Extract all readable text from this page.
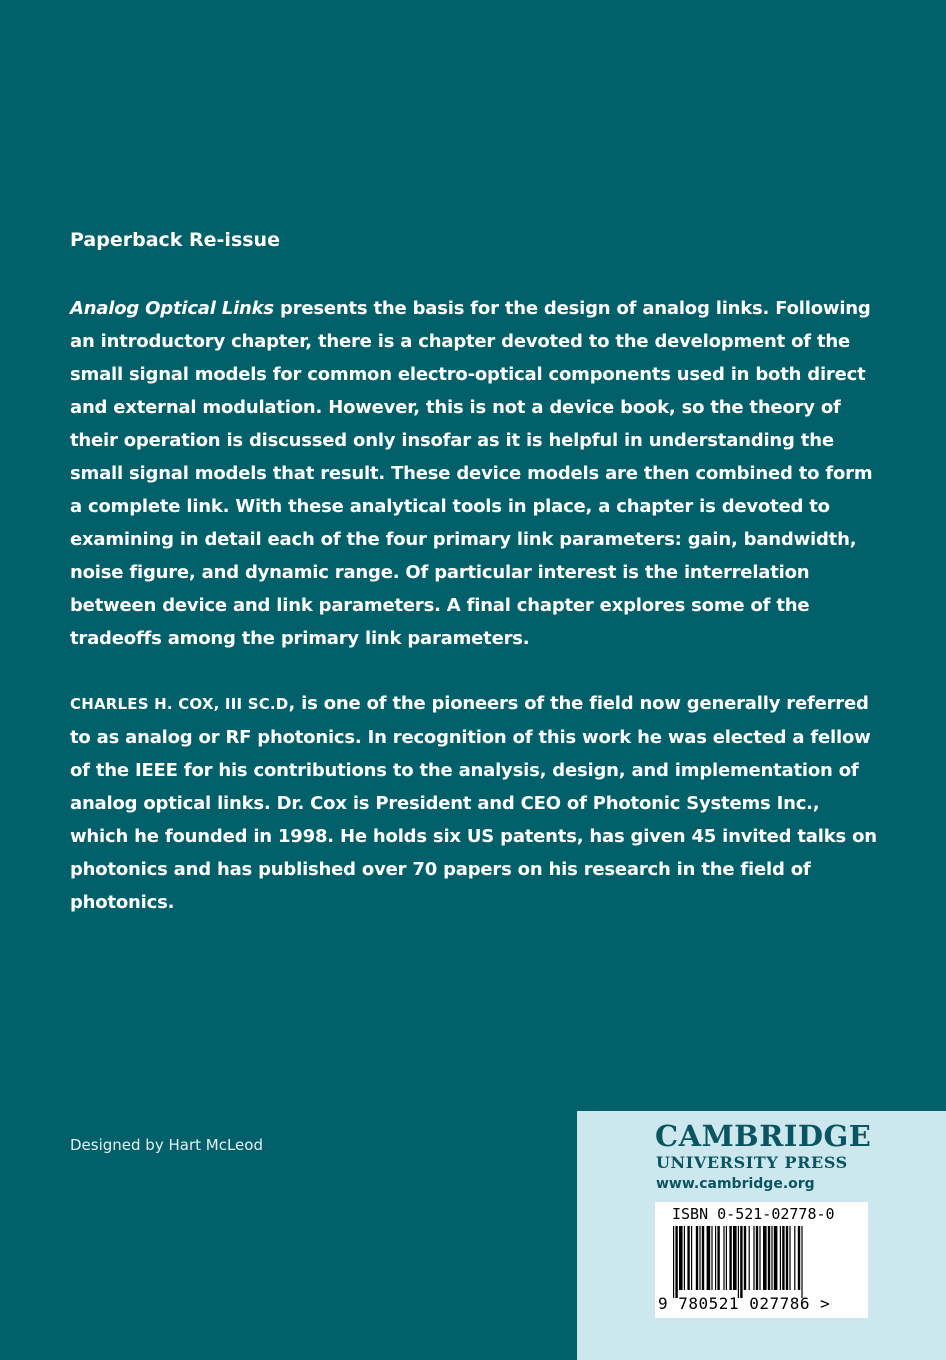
Paperback Re-issue

Analog Optical Links presents the basis for the design of analog links. Following an introductory chapter, there is a chapter devoted to the development of the small signal models for common electro-optical components used in both direct and external modulation. However, this is not a device book, so the theory of their operation is discussed only insofar as it is helpful in understanding the small signal models that result. These device models are then combined to form a complete link. With these analytical tools in place, a chapter is devoted to examining in detail each of the four primary link parameters: gain, bandwidth, noise figure, and dynamic range. Of particular interest is the interrelation between device and link parameters. A final chapter explores some of the tradeoffs among the primary link parameters.

CHARLES H. COX, III SC.D, is one of the pioneers of the field now generally referred to as analog or RF photonics. In recognition of this work he was elected a fellow of the IEEE for his contributions to the analysis, design, and implementation of analog optical links. Dr. Cox is President and CEO of Photonic Systems Inc., which he founded in 1998. He holds six US patents, has given 45 invited talks on photonics and has published over 70 papers on his research in the field of photonics.

Designed by Hart McLeod	CAMBRIDGE
UNIVERSITY PRESS
www.cambridge.org
ISBN 0-521-02778-0
9 780521 027786 >
